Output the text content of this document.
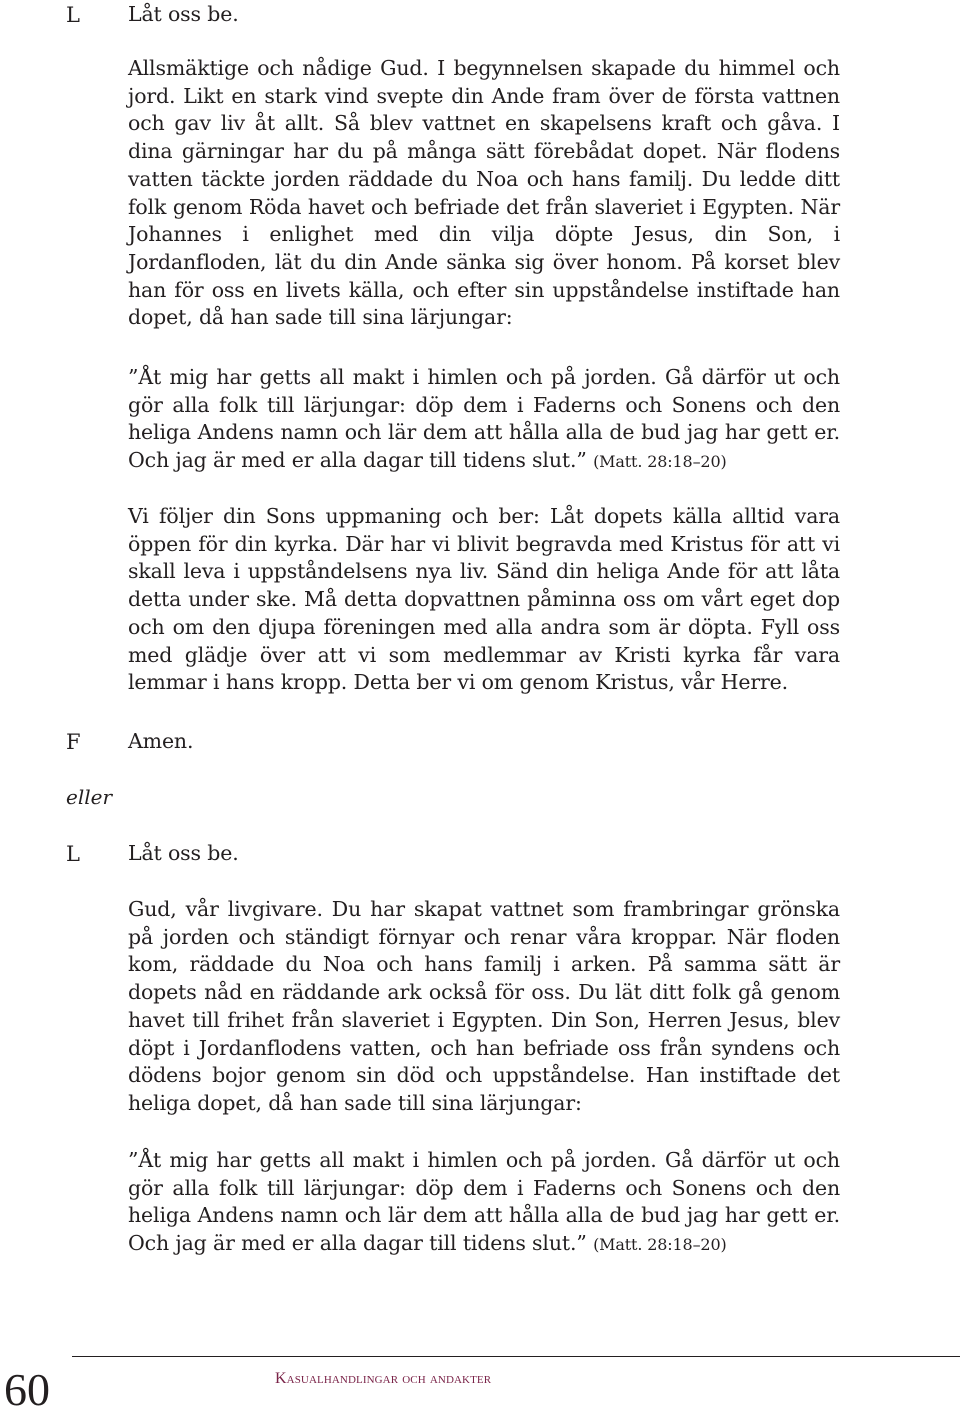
L Låt oss be.

Allsmäktige och nådige Gud. I begynnelsen skapade du himmel och jord. Likt en stark vind svepte din Ande fram över de första vattnen och gav liv åt allt. Så blev vattnet en skapelsens kraft och gåva. I dina gärningar har du på många sätt förebådat dopet. När flodens vatten täckte jorden räddade du Noa och hans familj. Du ledde ditt folk genom Röda havet och befriade det från slaveriet i Egypten. När Johannes i enlighet med din vilja döpte Jesus, din Son, i Jordanfloden, lät du din Ande sänka sig över honom. På korset blev han för oss en livets källa, och efter sin uppståndelse instiftade han dopet, då han sade till sina lärjungar:

”Åt mig har getts all makt i himlen och på jorden. Gå därför ut och gör alla folk till lärjungar: döp dem i Faderns och Sonens och den heliga Andens namn och lär dem att hålla alla de bud jag har gett er. Och jag är med er alla dagar till tidens slut.” (Matt. 28:18–20)

Vi följer din Sons uppmaning och ber: Låt dopets källa alltid vara öppen för din kyrka. Där har vi blivit begravda med Kristus för att vi skall leva i uppståndelsens nya liv. Sänd din heliga Ande för att låta detta under ske. Må detta dopvattnen påminna oss om vårt eget dop och om den djupa föreningen med alla andra som är döpta. Fyll oss med glädje över att vi som medlemmar av Kristi kyrka får vara lemmar i hans kropp. Detta ber vi om genom Kristus, vår Herre.

F Amen.

eller

L Låt oss be.

Gud, vår livgivare. Du har skapat vattnet som frambringar grönska på jorden och ständigt förnyar och renar våra kroppar. När floden kom, räddade du Noa och hans familj i arken. På samma sätt är dopets nåd en räddande ark också för oss. Du lät ditt folk gå genom havet till frihet från slaveriet i Egypten. Din Son, Herren Jesus, blev döpt i Jordanflodens vatten, och han befriade oss från syndens och dödens bojor genom sin död och uppståndelse. Han instiftade det heliga dopet, då han sade till sina lärjungar:

”Åt mig har getts all makt i himlen och på jorden. Gå därför ut och gör alla folk till lärjungar: döp dem i Faderns och Sonens och den heliga Andens namn och lär dem att hålla alla de bud jag har gett er. Och jag är med er alla dagar till tidens slut.” (Matt. 28:18–20)

60	Kasualhandlingar och andakter
